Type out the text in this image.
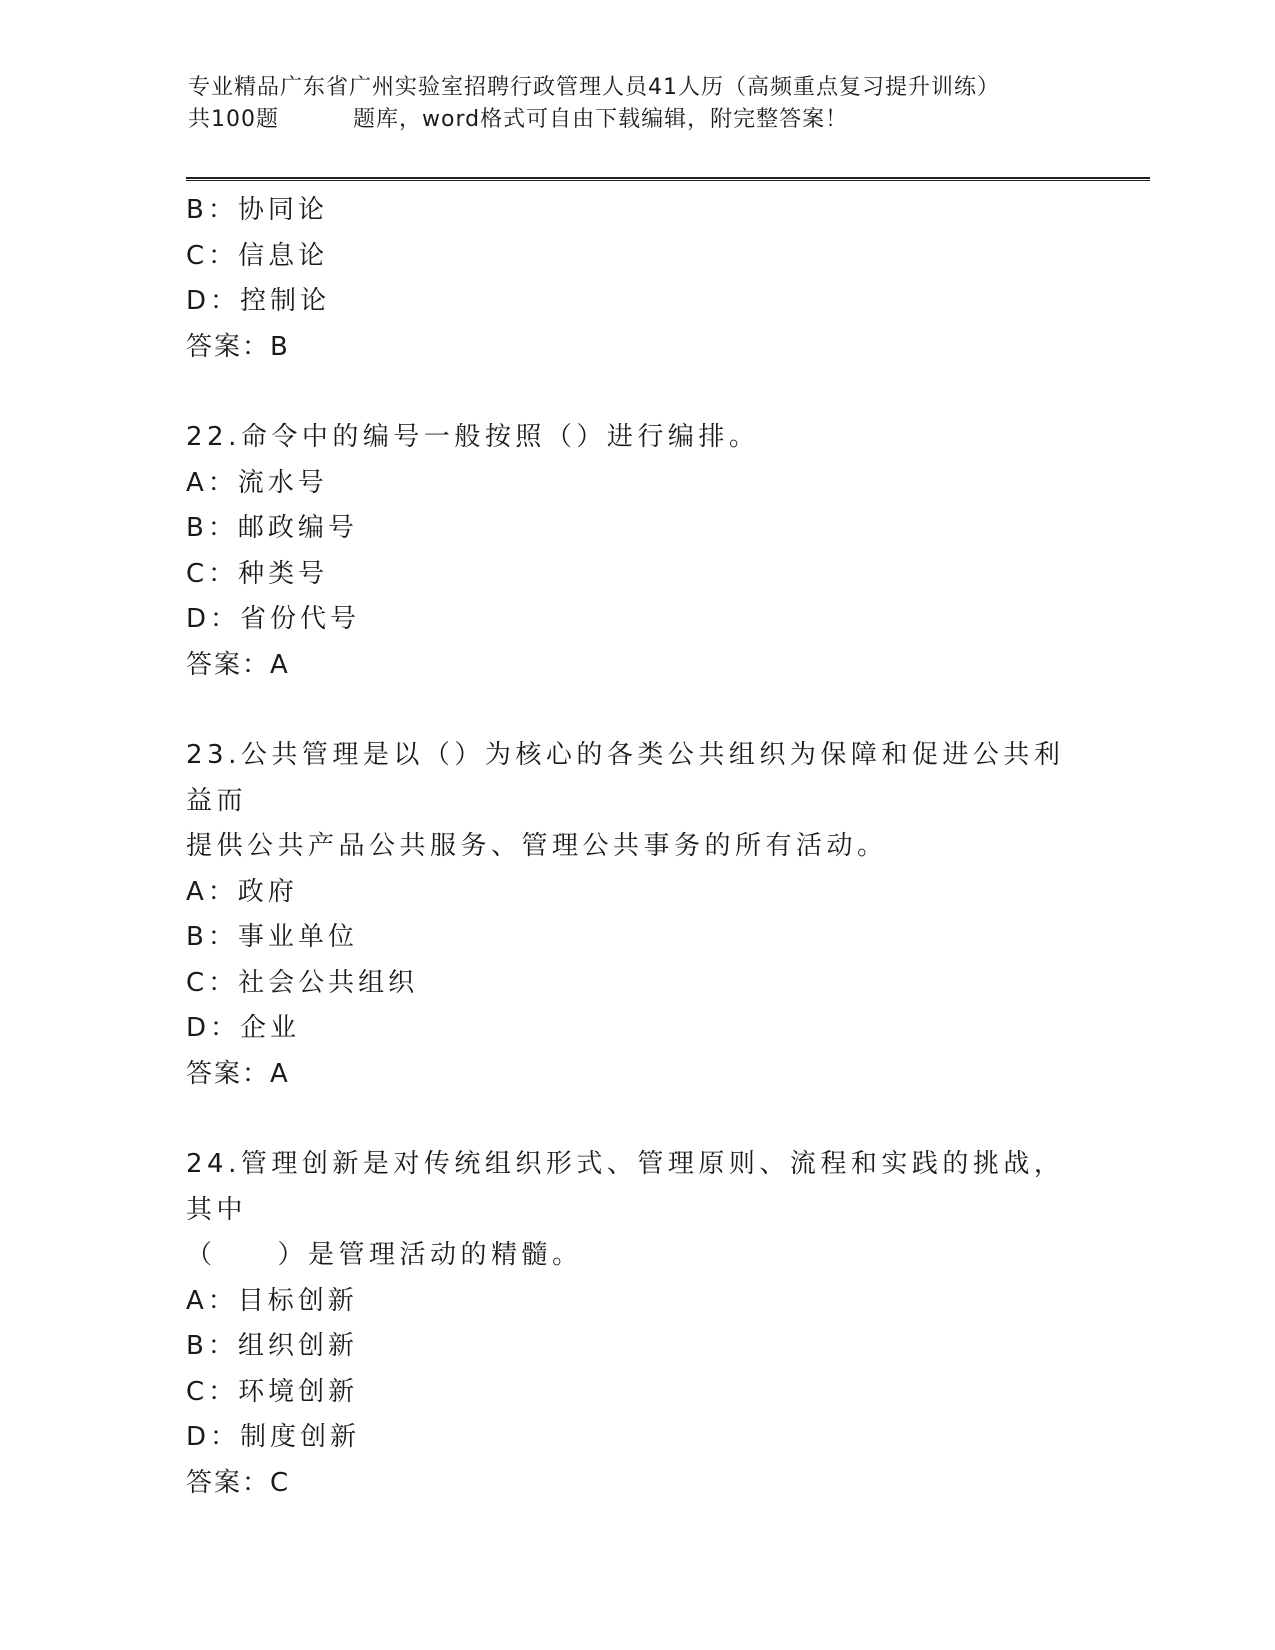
专业精品广东省广州实验室招聘行政管理人员41人历（高频重点复习提升训练）
共100题	题库，word格式可自由下载编辑，附完整答案！

B：协同论

C：信息论

D：控制论

答案：B

22.命令中的编号一般按照（）进行编排。

A：流水号

B：邮政编号

C：种类号

D：省份代号

答案：A

23.公共管理是以（）为核心的各类公共组织为保障和促进公共利益而

提供公共产品公共服务、管理公共事务的所有活动。

A：政府

B：事业单位

C：社会公共组织

D：企业

答案：A

24.管理创新是对传统组织形式、管理原则、流程和实践的挑战，其中

（　　）是管理活动的精髓。

A：目标创新

B：组织创新

C：环境创新

D：制度创新

答案：C
